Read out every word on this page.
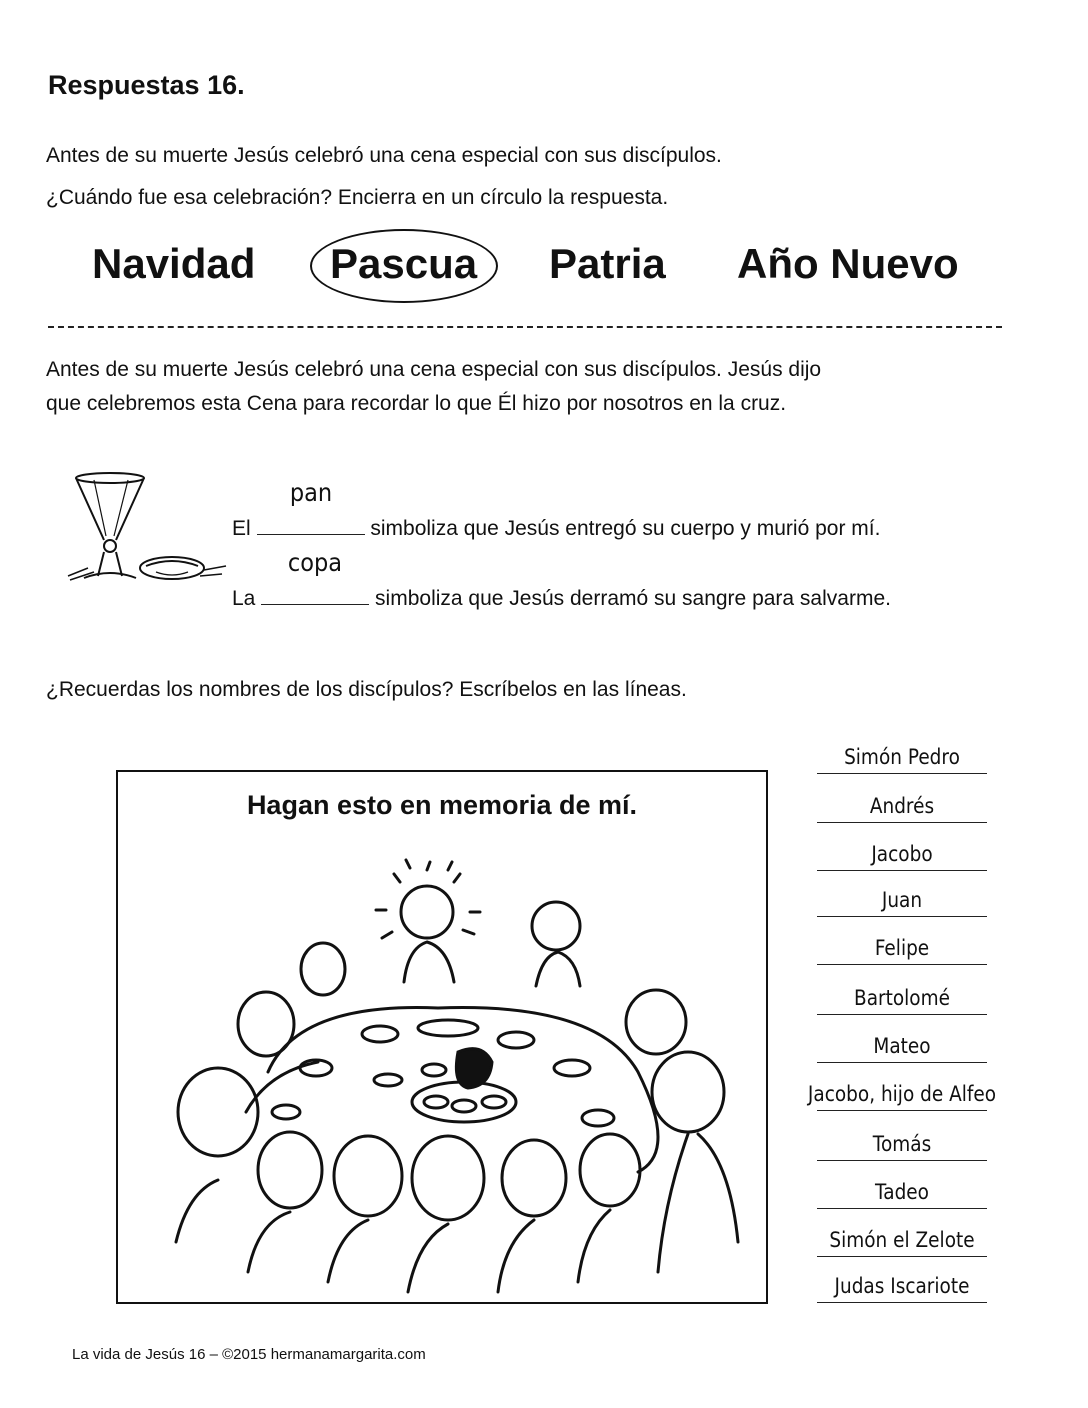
Respuestas 16.
Antes de su muerte Jesús celebró una cena especial con sus discípulos.
¿Cuándo fue esa celebración? Encierra en un círculo la respuesta.
Navidad Pascua Patria Año Nuevo
Antes de su muerte Jesús celebró una cena especial con sus discípulos. Jesús dijo
que celebremos esta Cena para recordar lo que Él hizo por nosotros en la cruz.
El
pan
simboliza que Jesús entregó su cuerpo y murió por mí.
La
copa
simboliza que Jesús derramó su sangre para salvarme.
¿Recuerdas los nombres de los discípulos? Escríbelos en las líneas.
Hagan esto en memoria de mí.
Simón Pedro
Andrés
Jacobo
Juan
Felipe
Bartolomé
Mateo
Jacobo, hijo de Alfeo
Tomás
Tadeo
Simón el Zelote
Judas Iscariote
La vida de Jesús 16 – ©2015 hermanamargarita.com
